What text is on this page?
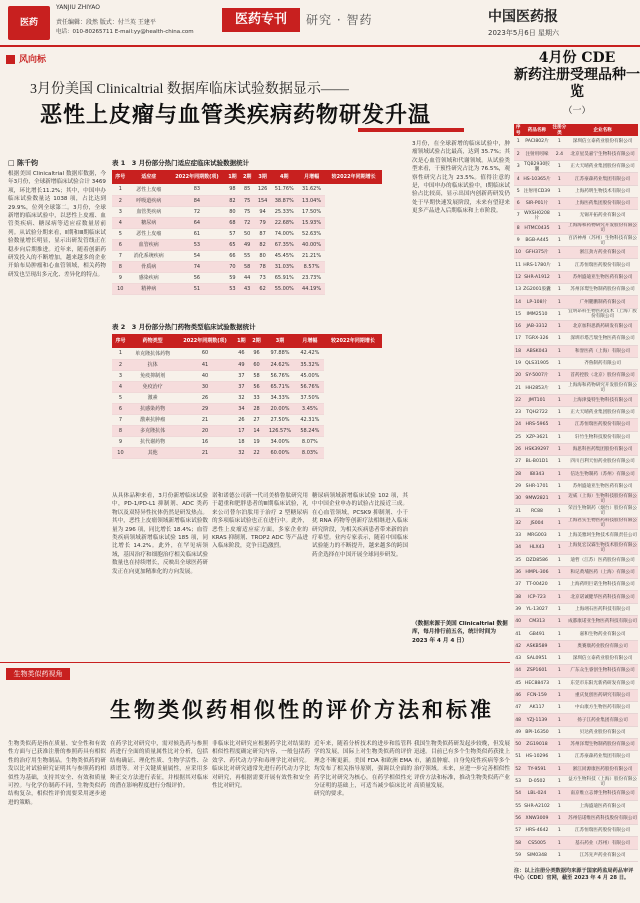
医药
YANJIU ZHIYAO
责任编辑：段然 版式：付兰英 王建平
电话：010-80265711 E-mail:yy@health-china.com
医药专刊	研究 · 智药	中国医药报
2023年5月6日 星期六
风向标
3月份美国 Clinicaltrial 数据库临床试验数据显示——
恶性上皮瘤与血管类疾病药物研发升温
□ 陈千钧
根据美国 Clinicaltrial 数据库数据，今年3月份，全球新增临床试验合计 3469 项，环比增长11.2%；其中，中国申办临床试验数量达 1038 项，占比达到 29.9%，位列全球第二。3月份，全球新增的临床试验中，以恶性上皮瘤、血管类疾病、糖尿病等适应症数量居前列。从试验分期来看，Ⅱ期和Ⅲ期临床试验数量增长明显，显示出研发管线正在稳步向后期推进。近年来，随着创新药研发投入的不断增加，越来越多的企业开始布局肿瘤和心血管领域，相关药物研发也呈现出多元化、差异化的特点。
表 1　3 月份部分热门适应症临床试验数据统计
序号	适应症	2022年同期数(项)	1期	2期	3期	4期	月增幅	较2022年同期增长
1	恶性上皮瘤	83	98	85	126	51.76%	31.62%	
2	呼吸道疾病	84	82	75	154	38.87%	13.04%	
3	血管类疾病	72	80	75	94	25.33%	17.50%	
4	糖尿病	64	68	72	79	22.68%	15.93%	
5	恶性上皮瘤	61	57	50	87	74.00%	52.63%	
6	血管疾病	53	65	49	82	67.35%	40.00%	
7	消化系统疾病	54	66	55	80	45.45%	21.21%	
8	骨质病	74	70	58	78	31.03%	8.57%	
9	感染疾病	56	59	44	73	65.91%	23.73%	
10	精神病	51	53	43	62	55.00%	44.19%	
表 2　3 月份部分热门药物类型临床试验数据统计
序号	药物类型	2022年同期数(项)	1期	2期	3期	月增幅	较2022年同期增长
1	单克隆抗体药物	60	46	96	97.88%	42.42%	
2	抗体	41	49	60	24.62%	35.32%	
3	免疫抑制剂	40	37	58	56.76%	45.00%	
4	免疫治疗	30	37	56	65.71%	56.76%	
5	激素	26	32	33	34.33%	37.50%	
6	抗感染药物	29	34	28	20.00%	3.45%	
7	激素抗肿瘤	21	26	27	27.50%	42.31%	
8	多克隆抗体	20	17	14	126.57%	58.24%	
9	抗代谢药物	16	18	19	34.00%	8.07%	
10	其他	21	32	22	60.00%	8.03%	
从具体品种来看，3月份新增临床试验中，PD-1/PD-L1 抑制剂、ADC 类药物以及双特异性抗体仍然是研发热点。其中，恶性上皮瘤领域新增临床试验数量为 296 项，同比增长 18.4%；血管类疾病领域新增临床试验 185 项，同比增长 14.2%。此外，在罕见病领域，基因治疗和细胞治疗相关临床试验数量也在持续增长，反映出全球医药研发正在向更加精准化的方向发展。
诺和诺德公司新一代司美格鲁肽研究用于超重和肥胖患者的Ⅲ期临床试验，礼来公司替尔泊肽用于治疗 2 型糖尿病的多项临床试验也正在进行中。此外，恶性上皮瘤适应症方面，多家企业的 KRAS 抑制剂、TROP2 ADC 等产品进入临床阶段，竞争日趋激烈。
糖尿病领域新增临床试验 102 项，其中中国企业申办的试验占比接近三成。在心血管领域，PCSK9 抑制剂、小干扰 RNA 药物等创新疗法相继进入临床研究阶段，为相关疾病患者带来新的治疗希望。业内专家表示，随着中国临床试验能力的不断提升，越来越多的跨国药企选择在中国开展全球同步研发。
3月份，在全球新增的临床试验中，肿瘤领域试验占比最高，达到 35.7%；其次是心血管领域和代谢领域。从试验类型来看，干预性研究占比为 76.5%，观察性研究占比为 23.5%。值得注意的是，中国申办的临床试验中，Ⅰ期临床试验占比较高，显示出国内创新药研发仍处于早期快速发展阶段，未来有望迎来更多产品进入后期临床和上市阶段。
（数据来源于美国 Clinicaltrial 数据库，每月排行前五名，统计时间为 2023 年 4 月 4 日）
4月份 CDE
新药注册受理品种一览
（一）
序号	药品名称	注册分类	企业名称
1	PACI802片	1	深圳信立泰药业股份有限公司
2	注射用吲哚	2.4	北京星昊嘉宁生物科技有限公司
3	TQB2930胶囊	1	正大天晴药业集团股份有限公司
4	HS-10365片	1	江苏豪森药业集团有限公司
5	注射用CD39	1	上海药明生物技术有限公司
6	SIR-P01片	1	上海医药集团股份有限公司
7	WXSH0208片	1	无锡开拓药业有限公司
8	HTMC0435	1	上海海和药物研究开发股份有限公司
9	BGB-A445	1	百济神州（苏州）生物科技有限公司
10	GFH375片	1	浙江劲方药业有限公司
11	HRS-1780片	1	江苏恒瑞医药股份有限公司
12	SHR-A1912	1	苏州盛迪亚生物医药有限公司
13	ZG2001胶囊	1	苏州泽璟生物制药股份有限公司
14	LP-108片	1	广州麓鹏制药有限公司
15	IMM2510	1	宜明昂科生物医药技术（上海）股份有限公司
16	JAB-3312	1	北京加科思新药研发有限公司
17	TGRX-326	1	深圳市塔吉瑞生物医药有限公司
18	ABSK043	1	和誉医药（上海）有限公司
19	QLS31905	1	齐鲁制药有限公司
20	SY-5007片	1	首药控股（北京）股份有限公司
21	HH2853片	1	上海海和药物研究开发股份有限公司
22	JMT101	1	上海津曼特生物科技有限公司
23	TQH2722	1	正大天晴药业集团股份有限公司
24	HRS-5965	1	江苏恒瑞医药股份有限公司
25	XZP-3621	1	轩竹生物科技股份有限公司
26	HSK39297	1	海思科医药集团股份有限公司
27	BL-B01D1	1	四川百利天恒药业股份有限公司
28	IBI343	1	信达生物制药（苏州）有限公司
29	SHR-1701	1	苏州盛迪亚生物医药有限公司
30	9MW2821	1	迈威（上海）生物科技股份有限公司
31	RC88	1	荣昌生物制药（烟台）股份有限公司
32	JS004	1	上海君实生物医药科技股份有限公司
33	MRG003	1	上海美雅珂生物技术有限责任公司
34	HLX43	1	上海复宏汉霖生物技术股份有限公司
35	DZD8586	1	迪哲（江苏）医药股份有限公司
36	HMPL-306	1	和记黄埔医药（上海）有限公司
37	TT-00420	1	上海药明巨诺生物科技有限公司
38	ICP-723	1	北京诺诚健华医药科技有限公司
39	YL-13027	1	上海翊石医药科技有限公司
40	CM313	1	成都康诺亚生物医药科技有限公司
41	GB491	1	嘉和生物药业有限公司
42	ASKB589	1	奥赛康药业股份有限公司
43	SAL0951	1	深圳信立泰药业股份有限公司
44	ZSP1601	1	广东众生睿创生物科技有限公司
45	HEC88473	1	东莞市东阳光新药研发有限公司
46	FCN-159	1	重庆复创医药研究有限公司
47	AK117	1	中山康方生物医药有限公司
48	YZJ-1139	1	扬子江药业集团有限公司
49	BPI-16350	1	贝达药业股份有限公司
50	ZG19018	1	苏州泽璟生物制药股份有限公司
51	HS-10296	1	江苏豪森药业集团有限公司
52	TY-9591	1	浙江同源康医药股份有限公司
53	D-0502	1	益方生物科技（上海）股份有限公司
54	LBL-024	1	南京维立志博生物科技有限公司
55	SHR-A2102	1	上海盛迪医药有限公司
56	XNW3009	1	苏州信诺维医药科技股份有限公司
57	HRS-4642	1	江苏恒瑞医药股份有限公司
58	CS5005	1	基石药业（苏州）有限公司
59	SIM0348	1	江苏先声药业有限公司
注：以上注册分类数据均来源于国家药监局药品审评中心（CDE）官网，截至 2023 年 4 月 28 日。
生物类似药视角
生物类似药相似性的评价方法和标准
生物类似药是指在质量、安全性和有效性方面与已获准注册的参照药具有相似性的治疗用生物制品。生物类似药的研发以比对试验研究证明其与参照药的相似性为基础，支持其安全、有效和质量可控。与化学仿制药不同，生物类似药结构复杂，相似性评价需要采用逐步递进的策略。
在药学比对研究中，需对候选药与参照药进行全面的质量属性比对分析，包括结构确证、理化性质、生物学活性、杂质谱等。对于关键质量属性，应采用多种正交方法进行表征，并根据其对临床的潜在影响程度进行分级评价。
非临床比对研究应根据药学比对结果的相似性程度确定研究内容，一般包括药效学、药代动力学和毒理学比对研究。临床比对研究通常先进行药代动力学比对研究，再根据需要开展有效性和安全性比对研究。
近年来，随着分析技术的进步和监管科学的发展，国际上对生物类似药的评价理念不断更新。美国 FDA 和欧洲 EMA 均发布了相关指导原则，强调以全面的药学比对研究为核心，在药学相似性充分证明的基础上，可适当减少临床比对研究的要求。
我国生物类似药研发起步较晚，但发展迅速。目前已有多个生物类似药获批上市，涵盖肿瘤、自身免疫性疾病等多个治疗领域。未来，应进一步完善相似性评价方法和标准，推动生物类似药产业高质量发展。
